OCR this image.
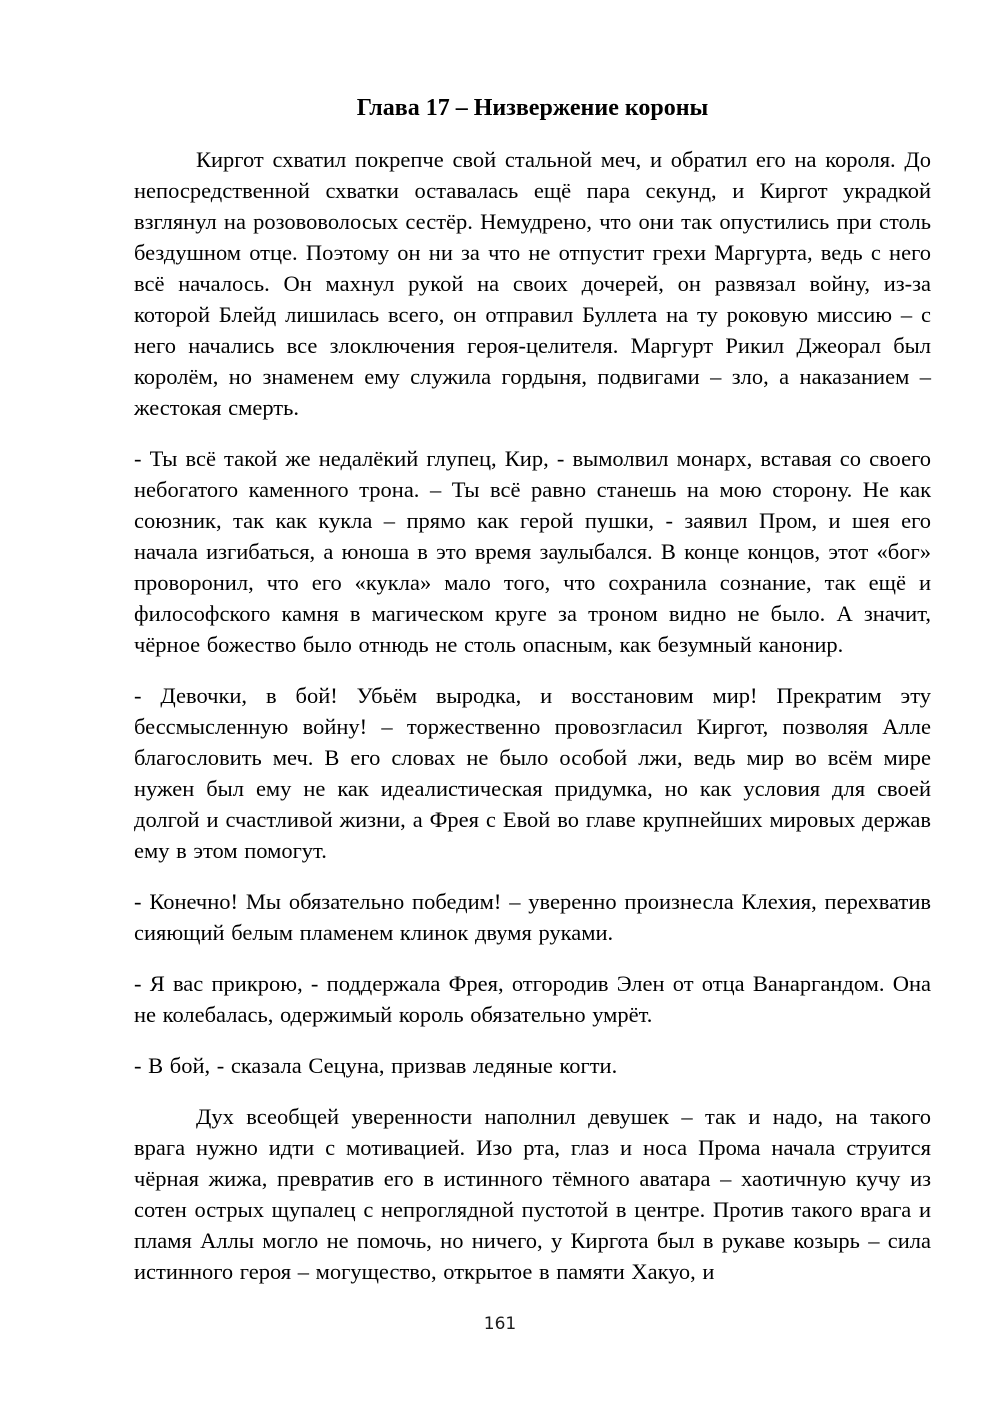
Глава 17 – Низвержение короны

Киргот схватил покрепче свой стальной меч, и обратил его на короля. До непосредственной схватки оставалась ещё пара секунд, и Киргот украдкой взглянул на розововолосых сестёр. Немудрено, что они так опустились при столь бездушном отце. Поэтому он ни за что не отпустит грехи Маргурта, ведь с него всё началось. Он махнул рукой на своих дочерей, он развязал войну, из-за которой Блейд лишилась всего, он отправил Буллета на ту роковую миссию – с него начались все злоключения героя-целителя. Маргурт Рикил Джеорал был королём, но знаменем ему служила гордыня, подвигами – зло, а наказанием – жестокая смерть.

- Ты всё такой же недалёкий глупец, Кир, - вымолвил монарх, вставая со своего небогатого каменного трона. – Ты всё равно станешь на мою сторону. Не как союзник, так как кукла – прямо как герой пушки, - заявил Пром, и шея его начала изгибаться, а юноша в это время заулыбался. В конце концов, этот «бог» проворонил, что его «кукла» мало того, что сохранила сознание, так ещё и философского камня в магическом круге за троном видно не было. А значит, чёрное божество было отнюдь не столь опасным, как безумный канонир.

- Девочки, в бой! Убьём выродка, и восстановим мир! Прекратим эту бессмысленную войну! – торжественно провозгласил Киргот, позволяя Алле благословить меч. В его словах не было особой лжи, ведь мир во всём мире нужен был ему не как идеалистическая придумка, но как условия для своей долгой и счастливой жизни, а Фрея с Евой во главе крупнейших мировых держав ему в этом помогут.

- Конечно! Мы обязательно победим! – уверенно произнесла Клехия, перехватив сияющий белым пламенем клинок двумя руками.

- Я вас прикрою, - поддержала Фрея, отгородив Элен от отца Ванаргандом. Она не колебалась, одержимый король обязательно умрёт.

- В бой, - сказала Сецуна, призвав ледяные когти.

Дух всеобщей уверенности наполнил девушек – так и надо, на такого врага нужно идти с мотивацией. Изо рта, глаз и носа Прома начала струится чёрная жижа, превратив его в истинного тёмного аватара – хаотичную кучу из сотен острых щупалец с непроглядной пустотой в центре. Против такого врага и пламя Аллы могло не помочь, но ничего, у Киргота был в рукаве козырь – сила истинного героя – могущество, открытое в памяти Хакуо, и

161
